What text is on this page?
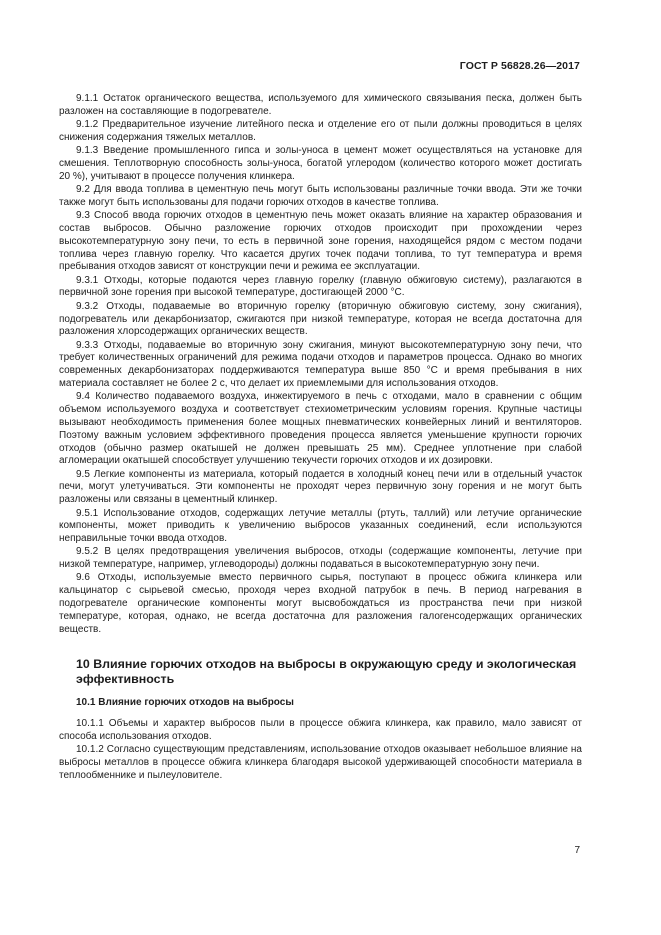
ГОСТ Р 56828.26—2017

9.1.1 Остаток органического вещества, используемого для химического связывания песка, должен быть разложен на составляющие в подогревателе.

9.1.2 Предварительное изучение литейного песка и отделение его от пыли должны проводиться в целях снижения содержания тяжелых металлов.

9.1.3 Введение промышленного гипса и золы-уноса в цемент может осуществляться на установке для смешения. Теплотворную способность золы-уноса, богатой углеродом (количество которого может достигать 20 %), учитывают в процессе получения клинкера.

9.2 Для ввода топлива в цементную печь могут быть использованы различные точки ввода. Эти же точки также могут быть использованы для подачи горючих отходов в качестве топлива.

9.3 Способ ввода горючих отходов в цементную печь может оказать влияние на характер образования и состав выбросов. Обычно разложение горючих отходов происходит при прохождении через высокотемпературную зону печи, то есть в первичной зоне горения, находящейся рядом с местом подачи топлива через главную горелку. Что касается других точек подачи топлива, то тут температура и время пребывания отходов зависят от конструкции печи и режима ее эксплуатации.

9.3.1 Отходы, которые подаются через главную горелку (главную обжиговую систему), разлагаются в первичной зоне горения при высокой температуре, достигающей 2000 °C.

9.3.2 Отходы, подаваемые во вторичную горелку (вторичную обжиговую систему, зону сжигания), подогреватель или декарбонизатор, сжигаются при низкой температуре, которая не всегда достаточна для разложения хлорсодержащих органических веществ.

9.3.3 Отходы, подаваемые во вторичную зону сжигания, минуют высокотемпературную зону печи, что требует количественных ограничений для режима подачи отходов и параметров процесса. Однако во многих современных декарбонизаторах поддерживаются температура выше 850 °C и время пребывания в них материала составляет не более 2 с, что делает их приемлемыми для использования отходов.

9.4 Количество подаваемого воздуха, инжектируемого в печь с отходами, мало в сравнении с общим объемом используемого воздуха и соответствует стехиометрическим условиям горения. Крупные частицы вызывают необходимость применения более мощных пневматических конвейерных линий и вентиляторов. Поэтому важным условием эффективного проведения процесса является уменьшение крупности горючих отходов (обычно размер окатышей не должен превышать 25 мм). Среднее уплотнение при слабой агломерации окатышей способствует улучшению текучести горючих отходов и их дозировки.

9.5 Легкие компоненты из материала, который подается в холодный конец печи или в отдельный участок печи, могут улетучиваться. Эти компоненты не проходят через первичную зону горения и не могут быть разложены или связаны в цементный клинкер.

9.5.1 Использование отходов, содержащих летучие металлы (ртуть, таллий) или летучие органические компоненты, может приводить к увеличению выбросов указанных соединений, если используются неправильные точки ввода отходов.

9.5.2 В целях предотвращения увеличения выбросов, отходы (содержащие компоненты, летучие при низкой температуре, например, углеводороды) должны подаваться в высокотемпературную зону печи.

9.6 Отходы, используемые вместо первичного сырья, поступают в процесс обжига клинкера или кальцинатор с сырьевой смесью, проходя через входной патрубок в печь. В период нагревания в подогревателе органические компоненты могут высвобождаться из пространства печи при низкой температуре, которая, однако, не всегда достаточна для разложения галогенсодержащих органических веществ.

10 Влияние горючих отходов на выбросы в окружающую среду и экологическая эффективность
10.1 Влияние горючих отходов на выбросы

10.1.1 Объемы и характер выбросов пыли в процессе обжига клинкера, как правило, мало зависят от способа использования отходов.

10.1.2 Согласно существующим представлениям, использование отходов оказывает небольшое влияние на выбросы металлов в процессе обжига клинкера благодаря высокой удерживающей способности материала в теплообменнике и пылеуловителе.

7
